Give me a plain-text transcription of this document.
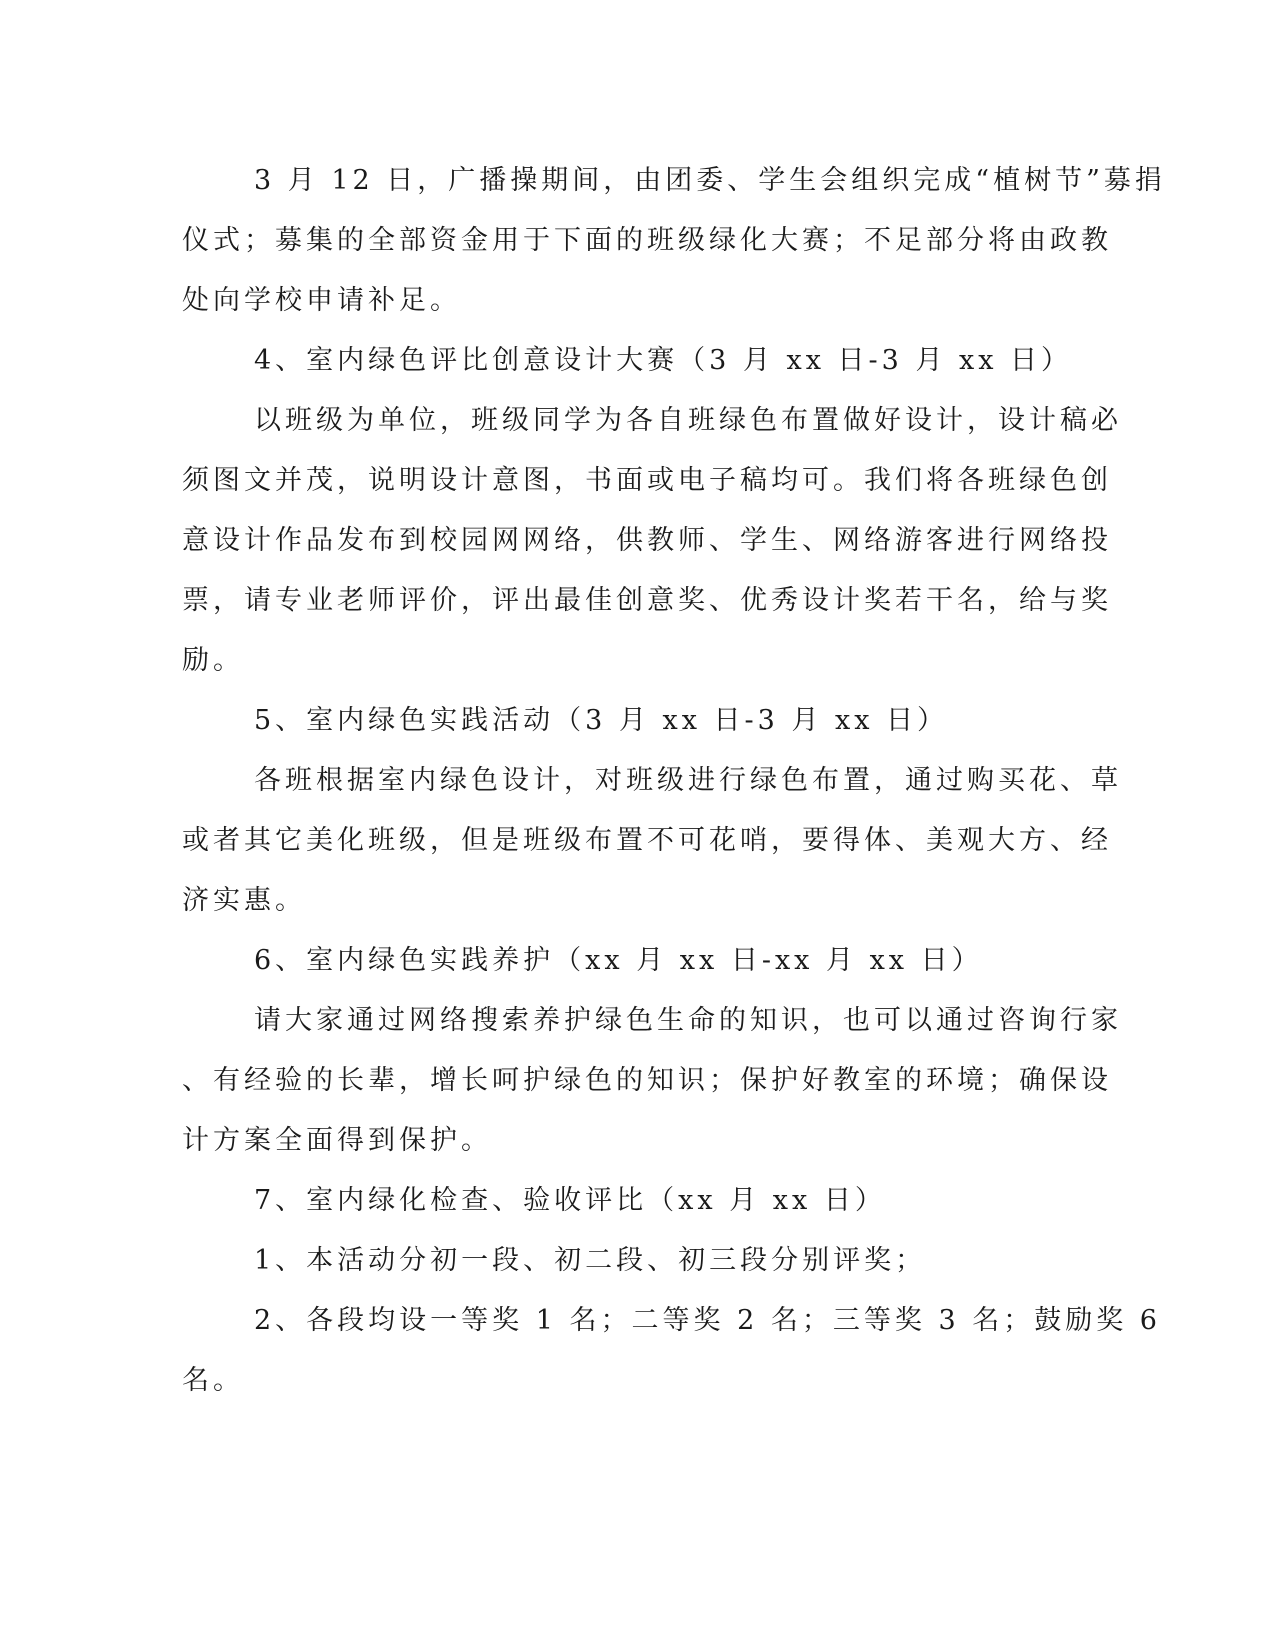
3 月 12 日，广播操期间，由团委、学生会组织完成“植树节”募捐
仪式；募集的全部资金用于下面的班级绿化大赛；不足部分将由政教
处向学校申请补足。

4、室内绿色评比创意设计大赛（3 月 xx 日-3 月 xx 日）

以班级为单位，班级同学为各自班绿色布置做好设计，设计稿必
须图文并茂，说明设计意图，书面或电子稿均可。我们将各班绿色创
意设计作品发布到校园网网络，供教师、学生、网络游客进行网络投
票，请专业老师评价，评出最佳创意奖、优秀设计奖若干名，给与奖
励。

5、室内绿色实践活动（3 月 xx 日-3 月 xx 日）

各班根据室内绿色设计，对班级进行绿色布置，通过购买花、草
或者其它美化班级，但是班级布置不可花哨，要得体、美观大方、经
济实惠。

6、室内绿色实践养护（xx 月 xx 日-xx 月 xx 日）

请大家通过网络搜索养护绿色生命的知识，也可以通过咨询行家
、有经验的长辈，增长呵护绿色的知识；保护好教室的环境；确保设
计方案全面得到保护。

7、室内绿化检查、验收评比（xx 月 xx 日）

1、本活动分初一段、初二段、初三段分别评奖；

2、各段均设一等奖 1 名；二等奖 2 名；三等奖 3 名；鼓励奖 6
名。
